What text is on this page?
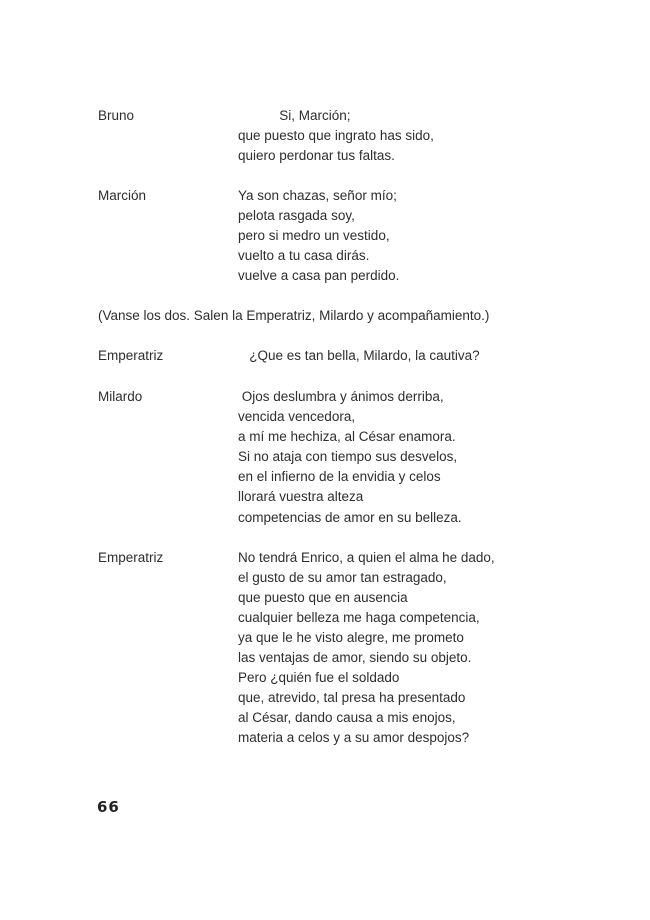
Bruno	Si, Marción;
que puesto que ingrato has sido,
quiero perdonar tus faltas.
Marción	Ya son chazas, señor mío;
pelota rasgada soy,
pero si medro un vestido,
vuelto a tu casa dirás.
vuelve a casa pan perdido.
(Vanse los dos. Salen la Emperatriz, Milardo y acompañamiento.)
Emperatriz	¿Que es tan bella, Milardo, la cautiva?
Milardo	Ojos deslumbra y ánimos derriba,
vencida vencedora,
a mí me hechiza, al César enamora.
Si no ataja con tiempo sus desvelos,
en el infierno de la envidia y celos
llorará vuestra alteza
competencias de amor en su belleza.
Emperatriz	No tendrá Enrico, a quien el alma he dado,
el gusto de su amor tan estragado,
que puesto que en ausencia
cualquier belleza me haga competencia,
ya que le he visto alegre, me prometo
las ventajas de amor, siendo su objeto.
Pero ¿quién fue el soldado
que, atrevido, tal presa ha presentado
al César, dando causa a mis enojos,
materia a celos y a su amor despojos?
66
